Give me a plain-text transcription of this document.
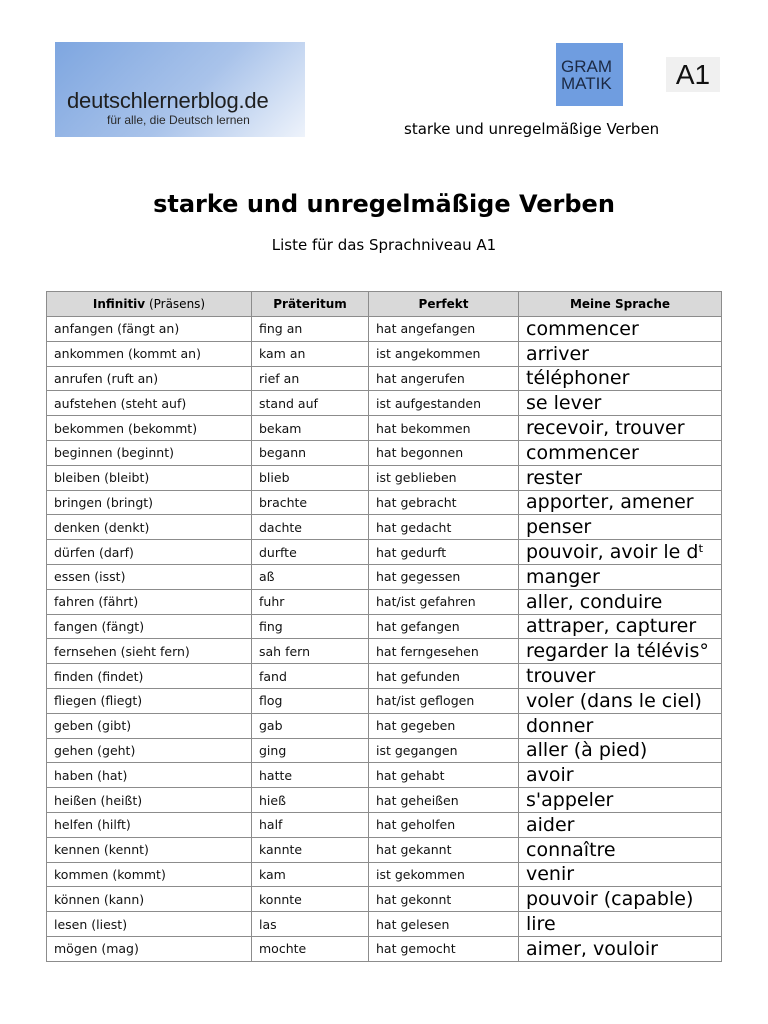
deutschlernerblog.de
für alle, die Deutsch lernen
GRAM
MATIK	A1
starke und unregelmäßige Verben
starke und unregelmäßige Verben
Liste für das Sprachniveau A1
Infinitiv (Präsens)	Präteritum	Perfekt	Meine Sprache
anfangen (fängt an)	fing an	hat angefangen	commencer
ankommen (kommt an)	kam an	ist angekommen	arriver
anrufen (ruft an)	rief an	hat angerufen	téléphoner
aufstehen (steht auf)	stand auf	ist aufgestanden	se lever
bekommen (bekommt)	bekam	hat bekommen	recevoir, trouver
beginnen (beginnt)	begann	hat begonnen	commencer
bleiben (bleibt)	blieb	ist geblieben	rester
bringen (bringt)	brachte	hat gebracht	apporter, amener
denken (denkt)	dachte	hat gedacht	penser
dürfen (darf)	durfte	hat gedurft	pouvoir, avoir le dᵗ
essen (isst)	aß	hat gegessen	manger
fahren (fährt)	fuhr	hat/ist gefahren	aller, conduire
fangen (fängt)	fing	hat gefangen	attraper, capturer
fernsehen (sieht fern)	sah fern	hat ferngesehen	regarder la télévis°
finden (findet)	fand	hat gefunden	trouver
fliegen (fliegt)	flog	hat/ist geflogen	voler (dans le ciel)
geben (gibt)	gab	hat gegeben	donner
gehen (geht)	ging	ist gegangen	aller (à pied)
haben (hat)	hatte	hat gehabt	avoir
heißen (heißt)	hieß	hat geheißen	s'appeler
helfen (hilft)	half	hat geholfen	aider
kennen (kennt)	kannte	hat gekannt	connaître
kommen (kommt)	kam	ist gekommen	venir
können (kann)	konnte	hat gekonnt	pouvoir (capable)
lesen (liest)	las	hat gelesen	lire
mögen (mag)	mochte	hat gemocht	aimer, vouloir
